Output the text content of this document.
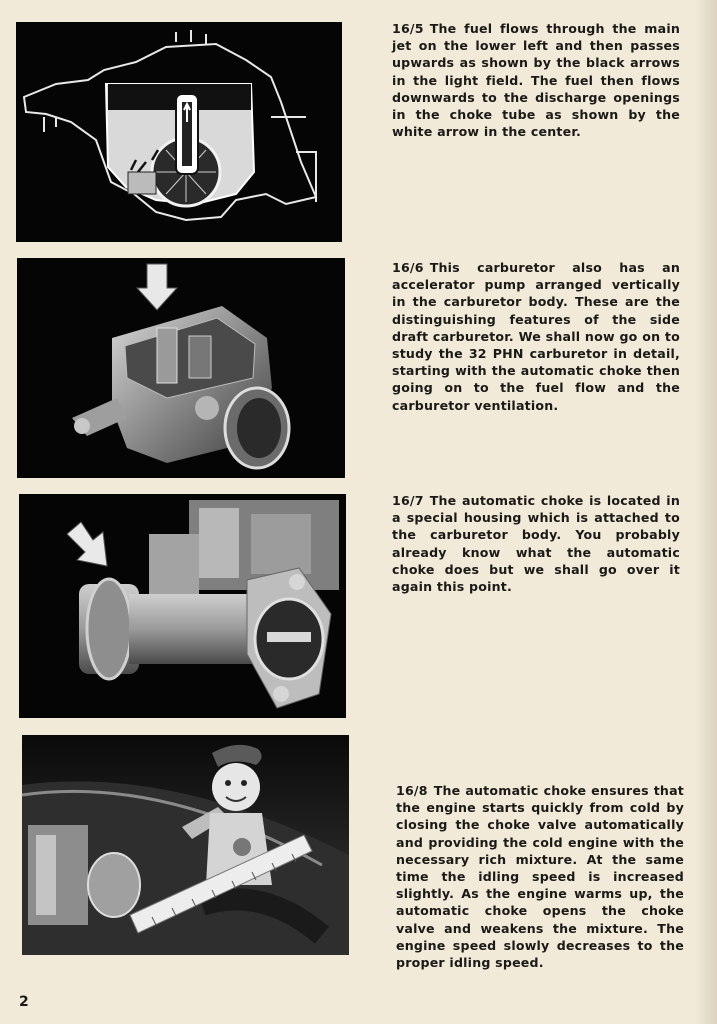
16/5 The fuel flows through the main jet on the lower left and then passes upwards as shown by the black arrows in the light field. The fuel then flows downwards to the discharge openings in the choke tube as shown by the white arrow in the center.
16/6 This carburetor also has an accelerator pump arranged vertically in the carburetor body. These are the distinguishing features of the side draft carburetor. We shall now go on to study the 32 PHN carburetor in detail, starting with the automatic choke then going on to the fuel flow and the carburetor ventilation.
16/7 The automatic choke is located in a special housing which is attached to the carburetor body. You probably already know what the automatic choke does but we shall go over it again this point.
16/8 The automatic choke ensures that the engine starts quickly from cold by closing the choke valve automatically and providing the cold engine with the necessary rich mixture. At the same time the idling speed is increased slightly. As the engine warms up, the automatic choke opens the choke valve and weakens the mixture. The engine speed slowly decreases to the proper idling speed.
2
